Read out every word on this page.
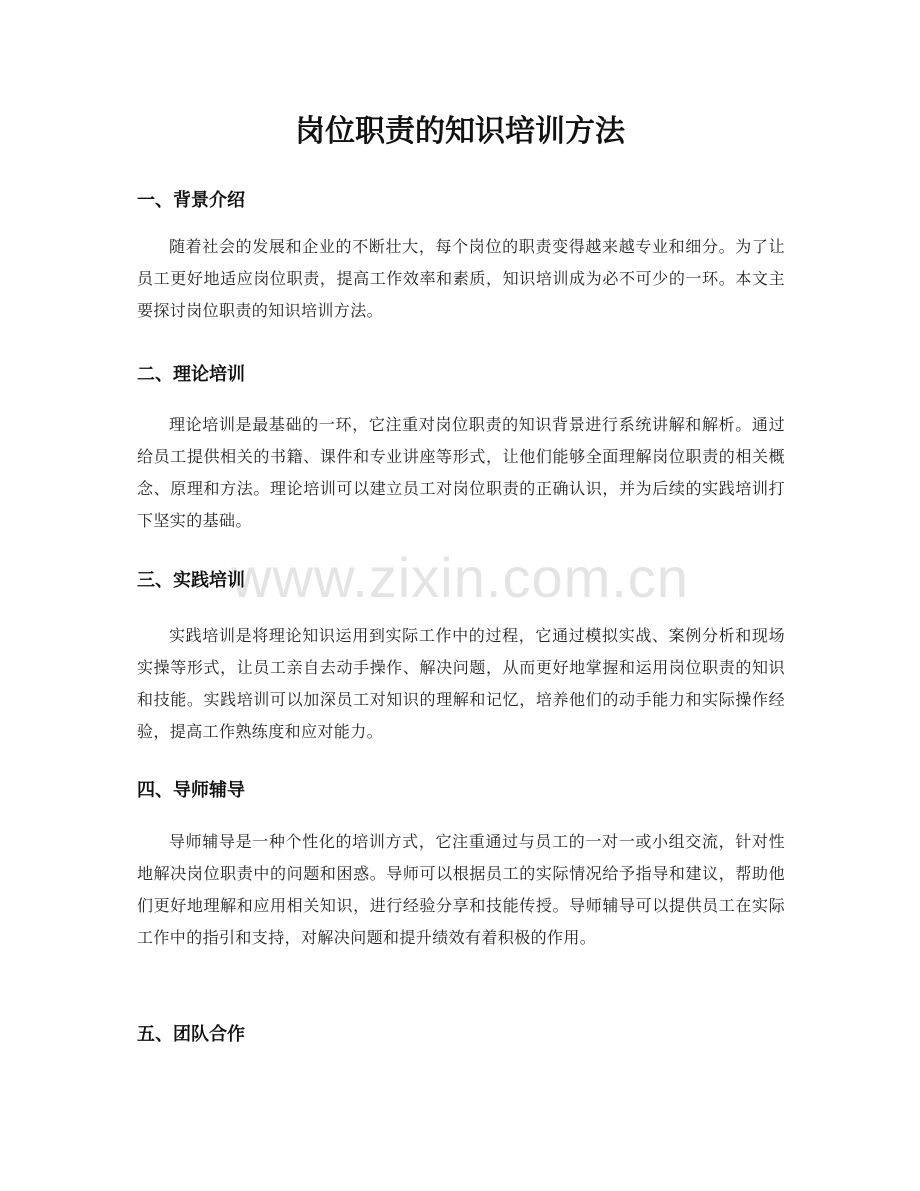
www.zixin.com.cn
岗位职责的知识培训方法
一、背景介绍

随着社会的发展和企业的不断壮大，每个岗位的职责变得越来越专业和细分。为了让员工更好地适应岗位职责，提高工作效率和素质，知识培训成为必不可少的一环。本文主要探讨岗位职责的知识培训方法。

二、理论培训

理论培训是最基础的一环，它注重对岗位职责的知识背景进行系统讲解和解析。通过给员工提供相关的书籍、课件和专业讲座等形式，让他们能够全面理解岗位职责的相关概念、原理和方法。理论培训可以建立员工对岗位职责的正确认识，并为后续的实践培训打下坚实的基础。

三、实践培训

实践培训是将理论知识运用到实际工作中的过程，它通过模拟实战、案例分析和现场实操等形式，让员工亲自去动手操作、解决问题，从而更好地掌握和运用岗位职责的知识和技能。实践培训可以加深员工对知识的理解和记忆，培养他们的动手能力和实际操作经验，提高工作熟练度和应对能力。

四、导师辅导

导师辅导是一种个性化的培训方式，它注重通过与员工的一对一或小组交流，针对性地解决岗位职责中的问题和困惑。导师可以根据员工的实际情况给予指导和建议，帮助他们更好地理解和应用相关知识，进行经验分享和技能传授。导师辅导可以提供员工在实际工作中的指引和支持，对解决问题和提升绩效有着积极的作用。

五、团队合作
